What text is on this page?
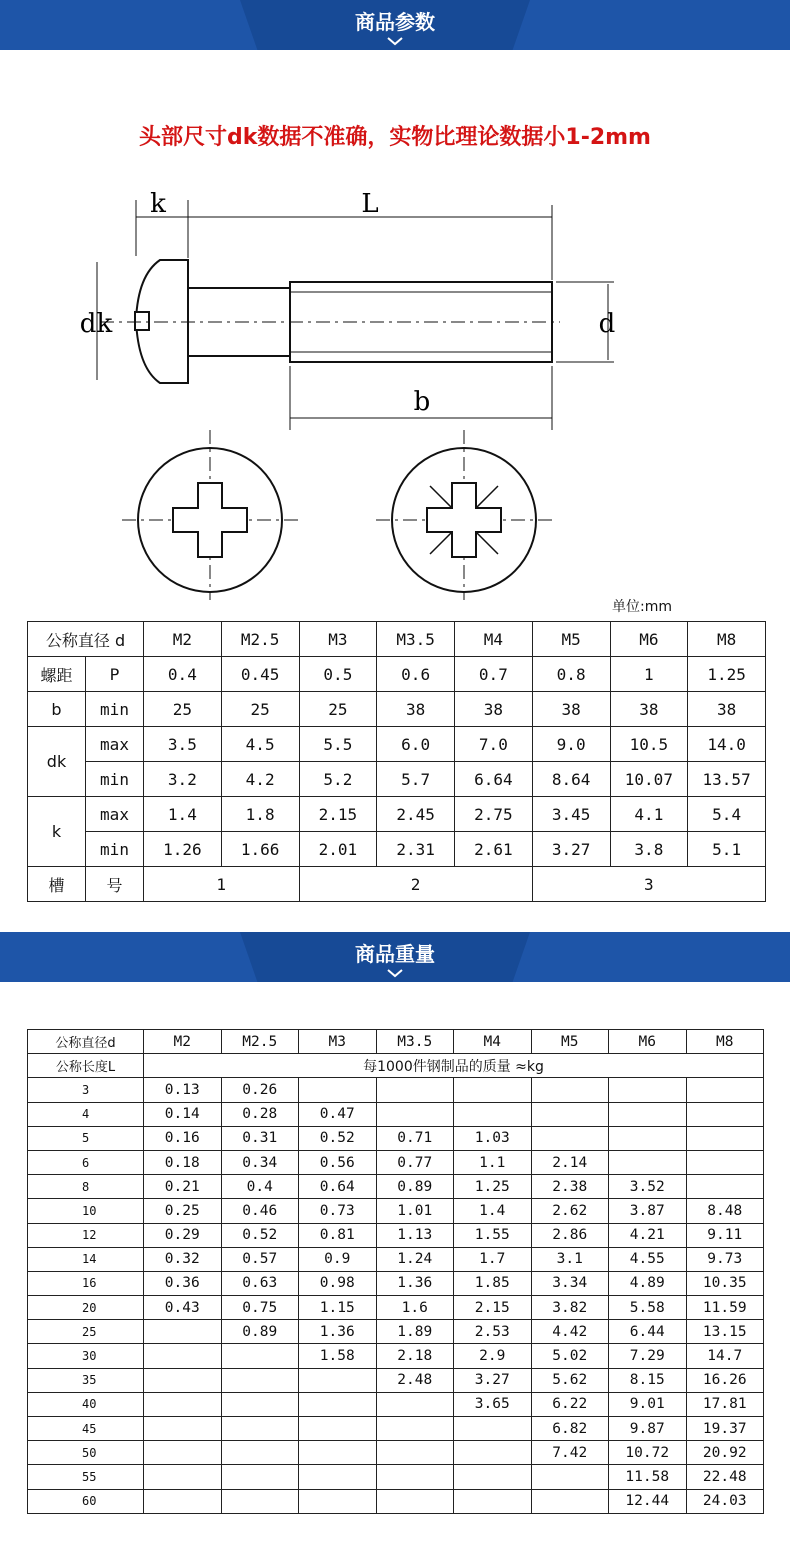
商品参数
头部尺寸dk数据不准确，实物比理论数据小1-2mm
k	L
dk	d
b
单位:mm
公称直径 d		M2	M2.5	M3	M3.5	M4	M5	M6	M8
螺距	P	0.4	0.45	0.5	0.6	0.7	0.8	1	1.25
b	min	25	25	25	38	38	38	38	38
dk	max	3.5	4.5	5.5	6.0	7.0	9.0	10.5	14.0
	min	3.2	4.2	5.2	5.7	6.64	8.64	10.07	13.57
k	max	1.4	1.8	2.15	2.45	2.75	3.45	4.1	5.4
	min	1.26	1.66	2.01	2.31	2.61	3.27	3.8	5.1
槽	号	1		2			3		
商品重量
公称直径d	M2	M2.5	M3	M3.5	M4	M5	M6	M8
公称长度L	每1000件钢制品的质量 ≈kg							
3	0.13	0.26						
4	0.14	0.28	0.47					
5	0.16	0.31	0.52	0.71	1.03			
6	0.18	0.34	0.56	0.77	1.1	2.14		
8	0.21	0.4	0.64	0.89	1.25	2.38	3.52	
10	0.25	0.46	0.73	1.01	1.4	2.62	3.87	8.48
12	0.29	0.52	0.81	1.13	1.55	2.86	4.21	9.11
14	0.32	0.57	0.9	1.24	1.7	3.1	4.55	9.73
16	0.36	0.63	0.98	1.36	1.85	3.34	4.89	10.35
20	0.43	0.75	1.15	1.6	2.15	3.82	5.58	11.59
25		0.89	1.36	1.89	2.53	4.42	6.44	13.15
30			1.58	2.18	2.9	5.02	7.29	14.7
35				2.48	3.27	5.62	8.15	16.26
40					3.65	6.22	9.01	17.81
45						6.82	9.87	19.37
50						7.42	10.72	20.92
55							11.58	22.48
60							12.44	24.03
